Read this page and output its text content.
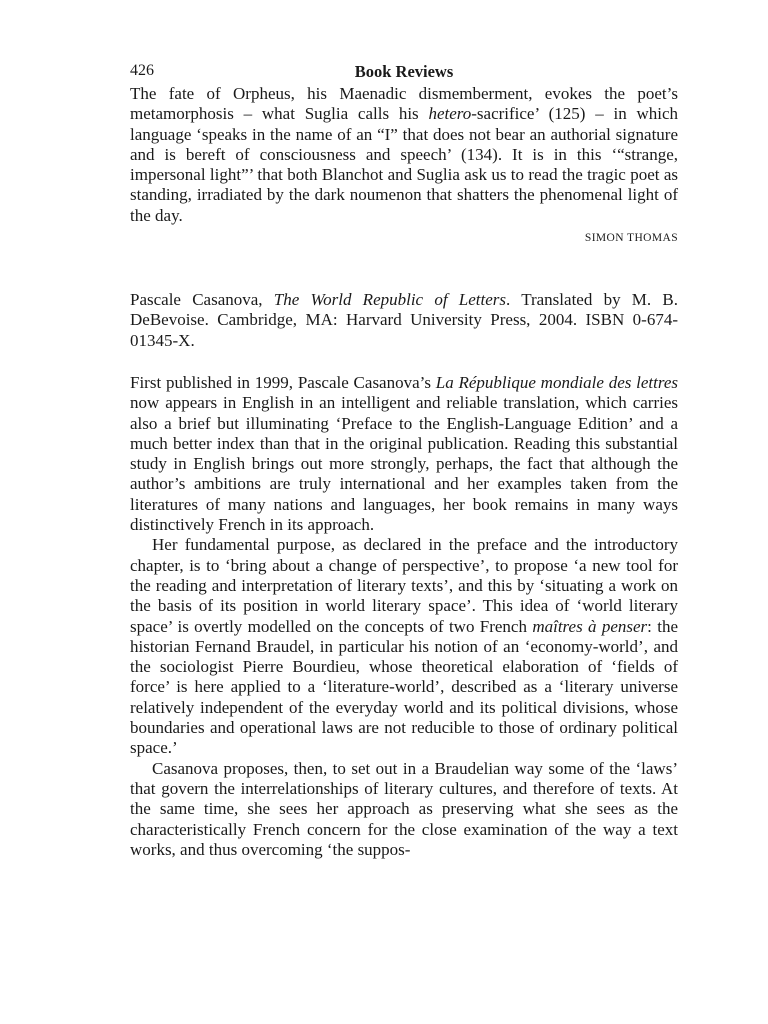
426	Book Reviews

The fate of Orpheus, his Maenadic dismemberment, evokes the poet’s metamorphosis – what Suglia calls his hetero-sacrifice’ (125) – in which language ‘speaks in the name of an “I” that does not bear an authorial signature and is bereft of consciousness and speech’ (134). It is in this ‘“strange, impersonal light”’ that both Blanchot and Suglia ask us to read the tragic poet as standing, irradiated by the dark noumenon that shatters the phenomenal light of the day.

SIMON THOMAS

Pascale Casanova, The World Republic of Letters. Translated by M. B. DeBevoise. Cambridge, MA: Harvard University Press, 2004. ISBN 0-674-01345-X.

First published in 1999, Pascale Casanova’s La République mondiale des lettres now appears in English in an intelligent and reliable translation, which carries also a brief but illuminating ‘Preface to the English-Language Edition’ and a much better index than that in the original publication. Reading this substantial study in English brings out more strongly, perhaps, the fact that although the author’s ambitions are truly international and her examples taken from the literatures of many nations and languages, her book remains in many ways distinctively French in its approach.

Her fundamental purpose, as declared in the preface and the introductory chapter, is to ‘bring about a change of perspective’, to propose ‘a new tool for the reading and interpretation of literary texts’, and this by ‘situating a work on the basis of its position in world literary space’. This idea of ‘world literary space’ is overtly modelled on the concepts of two French maîtres à penser: the historian Fernand Braudel, in particular his notion of an ‘economy-world’, and the sociologist Pierre Bourdieu, whose theoretical elaboration of ‘fields of force’ is here applied to a ‘literature-world’, described as a ‘literary universe relatively independent of the everyday world and its political divisions, whose boundaries and operational laws are not reducible to those of ordinary political space.’

Casanova proposes, then, to set out in a Braudelian way some of the ‘laws’ that govern the interrelationships of literary cultures, and therefore of texts. At the same time, she sees her approach as preserving what she sees as the characteristically French concern for the close examination of the way a text works, and thus overcoming ‘the suppos-
